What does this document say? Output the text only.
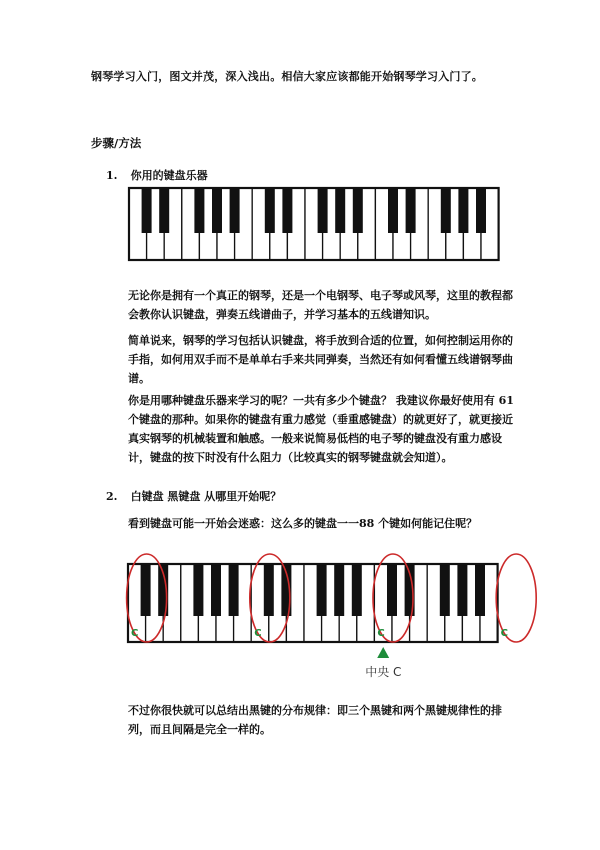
钢琴学习入门，图文并茂，深入浅出。相信大家应该都能开始钢琴学习入门了。
步骤/方法
1. 你用的键盘乐器
无论你是拥有一个真正的钢琴，还是一个电钢琴、电子琴或风琴，这里的教程都会教你认识键盘，弹奏五线谱曲子，并学习基本的五线谱知识。
简单说来，钢琴的学习包括认识键盘，将手放到合适的位置，如何控制运用你的手指，如何用双手而不是单单右手来共同弹奏，当然还有如何看懂五线谱钢琴曲谱。
你是用哪种键盘乐器来学习的呢？一共有多少个键盘？ 我建议你最好使用有 61 个键盘的那种。如果你的键盘有重力感觉（垂重感键盘）的就更好了，就更接近真实钢琴的机械装置和触感。一般来说简易低档的电子琴的键盘没有重力感设计，键盘的按下时没有什么阻力（比较真实的钢琴键盘就会知道）。
2. 白键盘 黑键盘 从哪里开始呢？
看到键盘可能一开始会迷惑：这么多的键盘一一88 个键如何能记住呢？
C	C	C	C
中央 C
不过你很快就可以总结出黑键的分布规律：即三个黑键和两个黑键规律性的排列，而且间隔是完全一样的。
